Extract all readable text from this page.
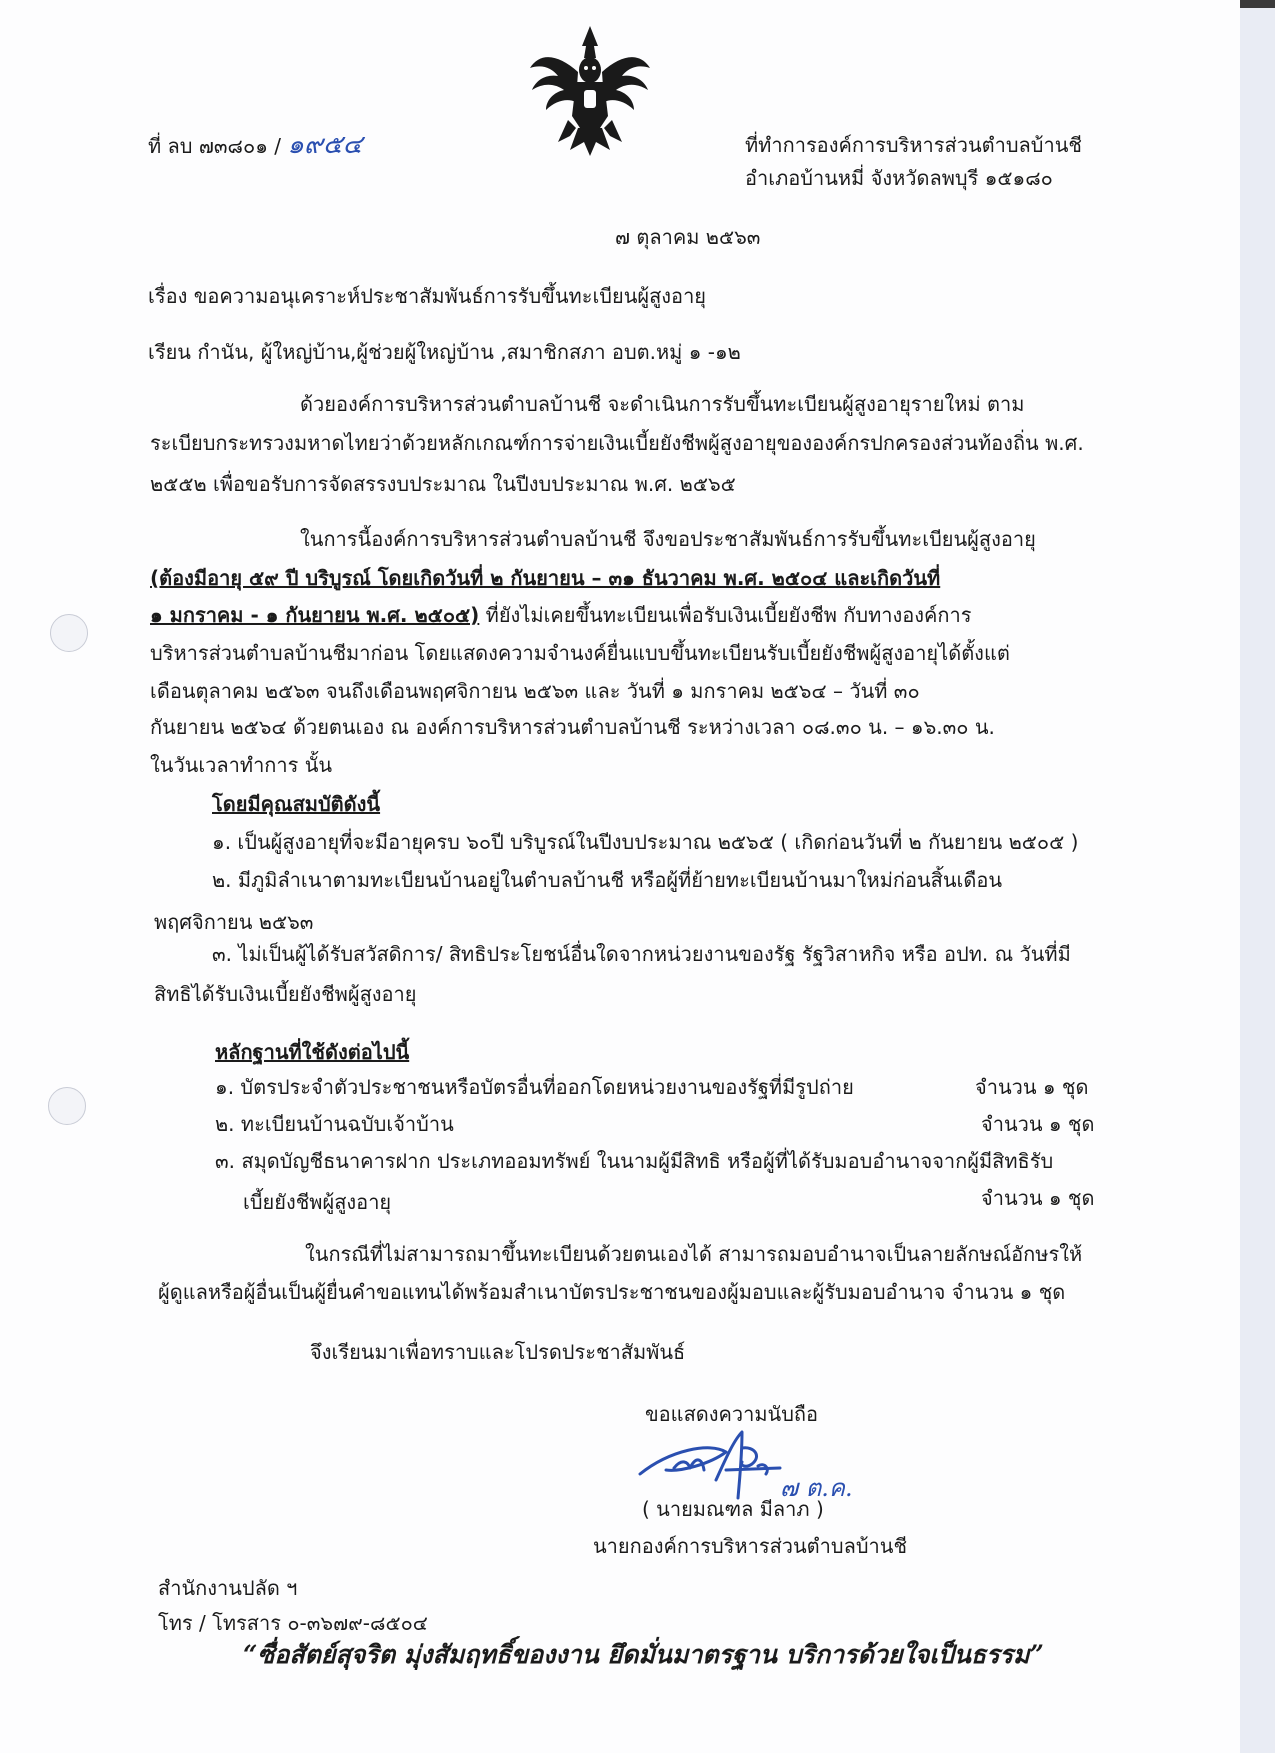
ที่ ลบ ๗๓๘๐๑ / ๑๙๕๔	ที่ทำการองค์การบริหารส่วนตำบลบ้านชี
อำเภอบ้านหมี่ จังหวัดลพบุรี ๑๕๑๘๐
๗ ตุลาคม ๒๕๖๓
เรื่อง ขอความอนุเคราะห์ประชาสัมพันธ์การรับขึ้นทะเบียนผู้สูงอายุ
เรียน กำนัน, ผู้ใหญ่บ้าน,ผู้ช่วยผู้ใหญ่บ้าน ,สมาชิกสภา อบต.หมู่ ๑ -๑๒
ด้วยองค์การบริหารส่วนตำบลบ้านชี จะดำเนินการรับขึ้นทะเบียนผู้สูงอายุรายใหม่ ตาม
ระเบียบกระทรวงมหาดไทยว่าด้วยหลักเกณฑ์การจ่ายเงินเบี้ยยังชีพผู้สูงอายุขององค์กรปกครองส่วนท้องถิ่น พ.ศ.
๒๕๕๒ เพื่อขอรับการจัดสรรงบประมาณ ในปีงบประมาณ พ.ศ. ๒๕๖๕
ในการนี้องค์การบริหารส่วนตำบลบ้านชี จึงขอประชาสัมพันธ์การรับขึ้นทะเบียนผู้สูงอายุ
(ต้องมีอายุ ๕๙ ปี บริบูรณ์ โดยเกิดวันที่ ๒ กันยายน – ๓๑ ธันวาคม พ.ศ. ๒๕๐๔ และเกิดวันที่
๑ มกราคม - ๑ กันยายน พ.ศ. ๒๕๐๕) ที่ยังไม่เคยขึ้นทะเบียนเพื่อรับเงินเบี้ยยังชีพ กับทางองค์การ
บริหารส่วนตำบลบ้านชีมาก่อน โดยแสดงความจำนงค์ยื่นแบบขึ้นทะเบียนรับเบี้ยยังชีพผู้สูงอายุได้ตั้งแต่
เดือนตุลาคม ๒๕๖๓ จนถึงเดือนพฤศจิกายน ๒๕๖๓ และ วันที่ ๑ มกราคม ๒๕๖๔ – วันที่ ๓๐
กันยายน ๒๕๖๔ ด้วยตนเอง ณ องค์การบริหารส่วนตำบลบ้านชี ระหว่างเวลา ๐๘.๓๐ น. – ๑๖.๓๐ น.
ในวันเวลาทำการ นั้น
โดยมีคุณสมบัติดังนี้
๑. เป็นผู้สูงอายุที่จะมีอายุครบ ๖๐ปี บริบูรณ์ในปีงบประมาณ ๒๕๖๕ ( เกิดก่อนวันที่ ๒ กันยายน ๒๕๐๕ )
๒. มีภูมิลำเนาตามทะเบียนบ้านอยู่ในตำบลบ้านชี หรือผู้ที่ย้ายทะเบียนบ้านมาใหม่ก่อนสิ้นเดือน
พฤศจิกายน ๒๕๖๓
๓. ไม่เป็นผู้ได้รับสวัสดิการ/ สิทธิประโยชน์อื่นใดจากหน่วยงานของรัฐ รัฐวิสาหกิจ หรือ อปท. ณ วันที่มี
สิทธิได้รับเงินเบี้ยยังชีพผู้สูงอายุ
หลักฐานที่ใช้ดังต่อไปนี้
๑. บัตรประจำตัวประชาชนหรือบัตรอื่นที่ออกโดยหน่วยงานของรัฐที่มีรูปถ่าย	จำนวน ๑ ชุด
๒. ทะเบียนบ้านฉบับเจ้าบ้าน	จำนวน ๑ ชุด
๓. สมุดบัญชีธนาคารฝาก ประเภทออมทรัพย์ ในนามผู้มีสิทธิ หรือผู้ที่ได้รับมอบอำนาจจากผู้มีสิทธิรับ
เบี้ยยังชีพผู้สูงอายุ	จำนวน ๑ ชุด
ในกรณีที่ไม่สามารถมาขึ้นทะเบียนด้วยตนเองได้ สามารถมอบอำนาจเป็นลายลักษณ์อักษรให้
ผู้ดูแลหรือผู้อื่นเป็นผู้ยื่นคำขอแทนได้พร้อมสำเนาบัตรประชาชนของผู้มอบและผู้รับมอบอำนาจ จำนวน ๑ ชุด
จึงเรียนมาเพื่อทราบและโปรดประชาสัมพันธ์
ขอแสดงความนับถือ
๗ ต.ค.
( นายมณฑล มีลาภ )
นายกองค์การบริหารส่วนตำบลบ้านชี
สำนักงานปลัด ฯ
โทร / โทรสาร ๐-๓๖๗๙-๘๕๐๔
“ซื่อสัตย์สุจริต มุ่งสัมฤทธิ์ของงาน ยึดมั่นมาตรฐาน บริการด้วยใจเป็นธรรม”
